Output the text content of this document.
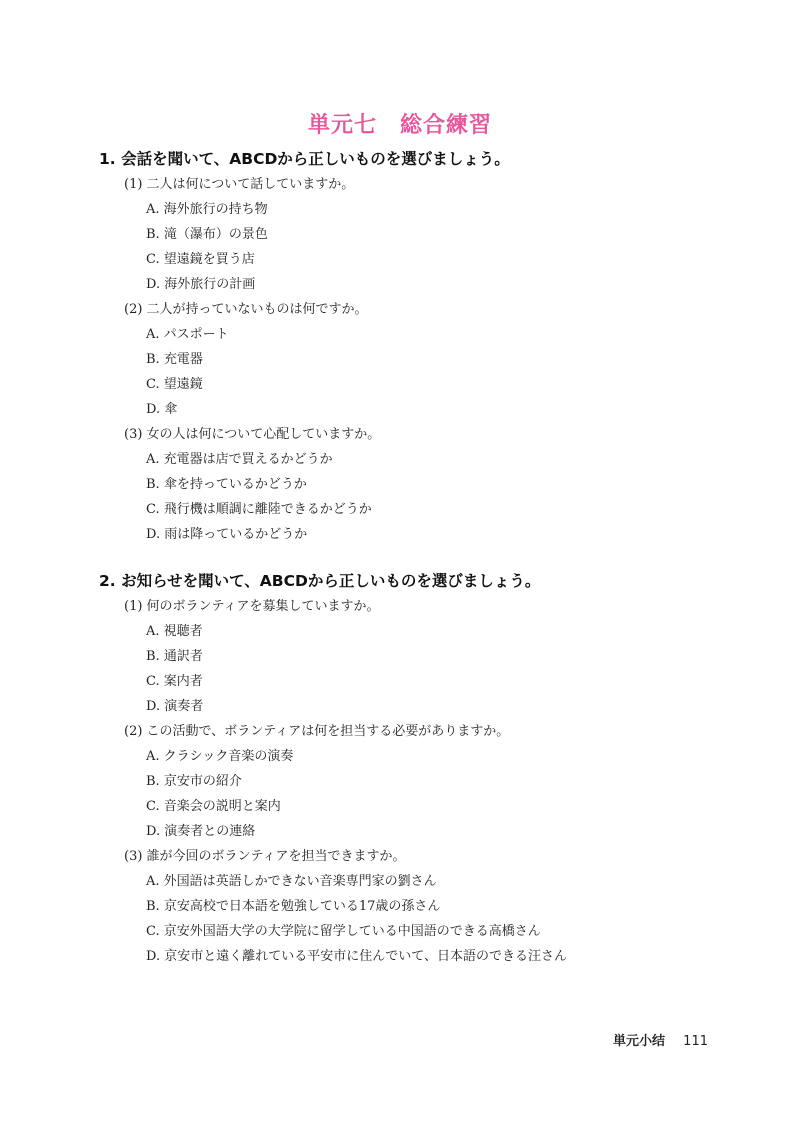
単元七　総合練習
1. 会話を聞いて、ABCDから正しいものを選びましょう。
(1) 二人は何について話していますか。
A. 海外旅行の持ち物
B. 滝（瀑布）の景色
C. 望遠鏡を買う店
D. 海外旅行の計画
(2) 二人が持っていないものは何ですか。
A. パスポート
B. 充電器
C. 望遠鏡
D. 傘
(3) 女の人は何について心配していますか。
A. 充電器は店で買えるかどうか
B. 傘を持っているかどうか
C. 飛行機は順調に離陸できるかどうか
D. 雨は降っているかどうか
2. お知らせを聞いて、ABCDから正しいものを選びましょう。
(1) 何のボランティアを募集していますか。
A. 視聴者
B. 通訳者
C. 案内者
D. 演奏者
(2) この活動で、ボランティアは何を担当する必要がありますか。
A. クラシック音楽の演奏
B. 京安市の紹介
C. 音楽会の説明と案内
D. 演奏者との連絡
(3) 誰が今回のボランティアを担当できますか。
A. 外国語は英語しかできない音楽専門家の劉さん
B. 京安高校で日本語を勉強している17歳の孫さん
C. 京安外国語大学の大学院に留学している中国語のできる高橋さん
D. 京安市と遠く離れている平安市に住んでいて、日本語のできる汪さん
単元小结 111
